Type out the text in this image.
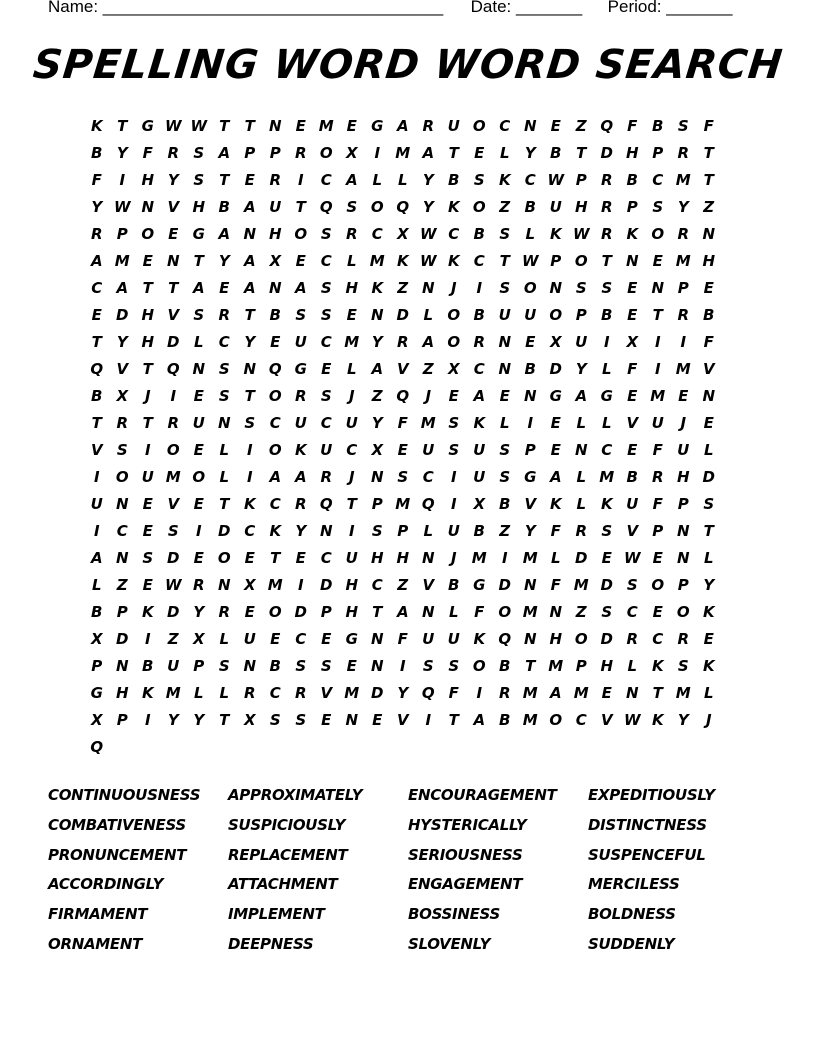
Name: ____________________________________ Date: _______ Period: _______
SPELLING WORD WORD SEARCH
K T G W W T	T N E M E G A R U O C N E Z Q F B S F
B Y F R S A P P R O X	I	M A T	E	L	Y B T D H P R T
F	I	H Y S T	E R	I	C A L	L	Y B S K C W P R B C M T
Y W N V H B A U T Q S O Q Y K O Z B U H R P S Y Z
R P O E G A N H O S R C X W C B S	L K W R K O R N
A M E N T Y A X E C	L M K W K C T W P O T N E M H
C A T	T A E A N A S H K Z N	J	I	S O N S S E N P E
E D H V S R T B S S E N D L O B U U O P B E	T R B
T Y H D L	C Y E U C M Y R A O R N E X U	I	X	I	I	F
Q V T Q N S N Q G E	L A V Z X C N B D Y	L	F	I	M V
B X	J	I	E S T O R S	J	Z Q	J	E A E N G A G E M E N
T R T R U N S C U C U Y F M S K L	I	E	L	L V U	J	E
V S	I	O E	L	I	O K U C X E U S U S P E N C E	F U L
I	O U M O L	I	A A R	J	N S C	I	U S G A L M B R H D
U N E V E	T K C R Q T P M Q	I	X B V K L K U F P S
I	C E S	I	D C K Y N	I	S P	L U B Z Y F R S V P N T
A N S D E O E	T	E C U H H N	J	M	I	M L D E W E N L
L	Z E W R N X M	I	D H C Z V B G D N F M D S O P Y
B P K D Y R E O D P H T A N L	F O M N Z S C E O K
X D	I	Z X L U E C E G N F U U K Q N H O D R C R E
P N B U P S N B S S E N	I	S S O B T M P H L K S K
G H K M L	L R C R V M D Y Q F	I	R M A M E N T M L
X P	I	Y Y T X S S E N E V	I	T A B M O C V W K Y	J
Q
CONTINUOUSNESS	APPROXIMATELY	ENCOURAGEMENT	EXPEDITIOUSLY
COMBATIVENESS	SUSPICIOUSLY	HYSTERICALLY	DISTINCTNESS
PRONUNCEMENT	REPLACEMENT	SERIOUSNESS	SUSPENCEFUL
ACCORDINGLY	ATTACHMENT	ENGAGEMENT	MERCILESS
FIRMAMENT	IMPLEMENT	BOSSINESS	BOLDNESS
ORNAMENT	DEEPNESS	SLOVENLY	SUDDENLY
